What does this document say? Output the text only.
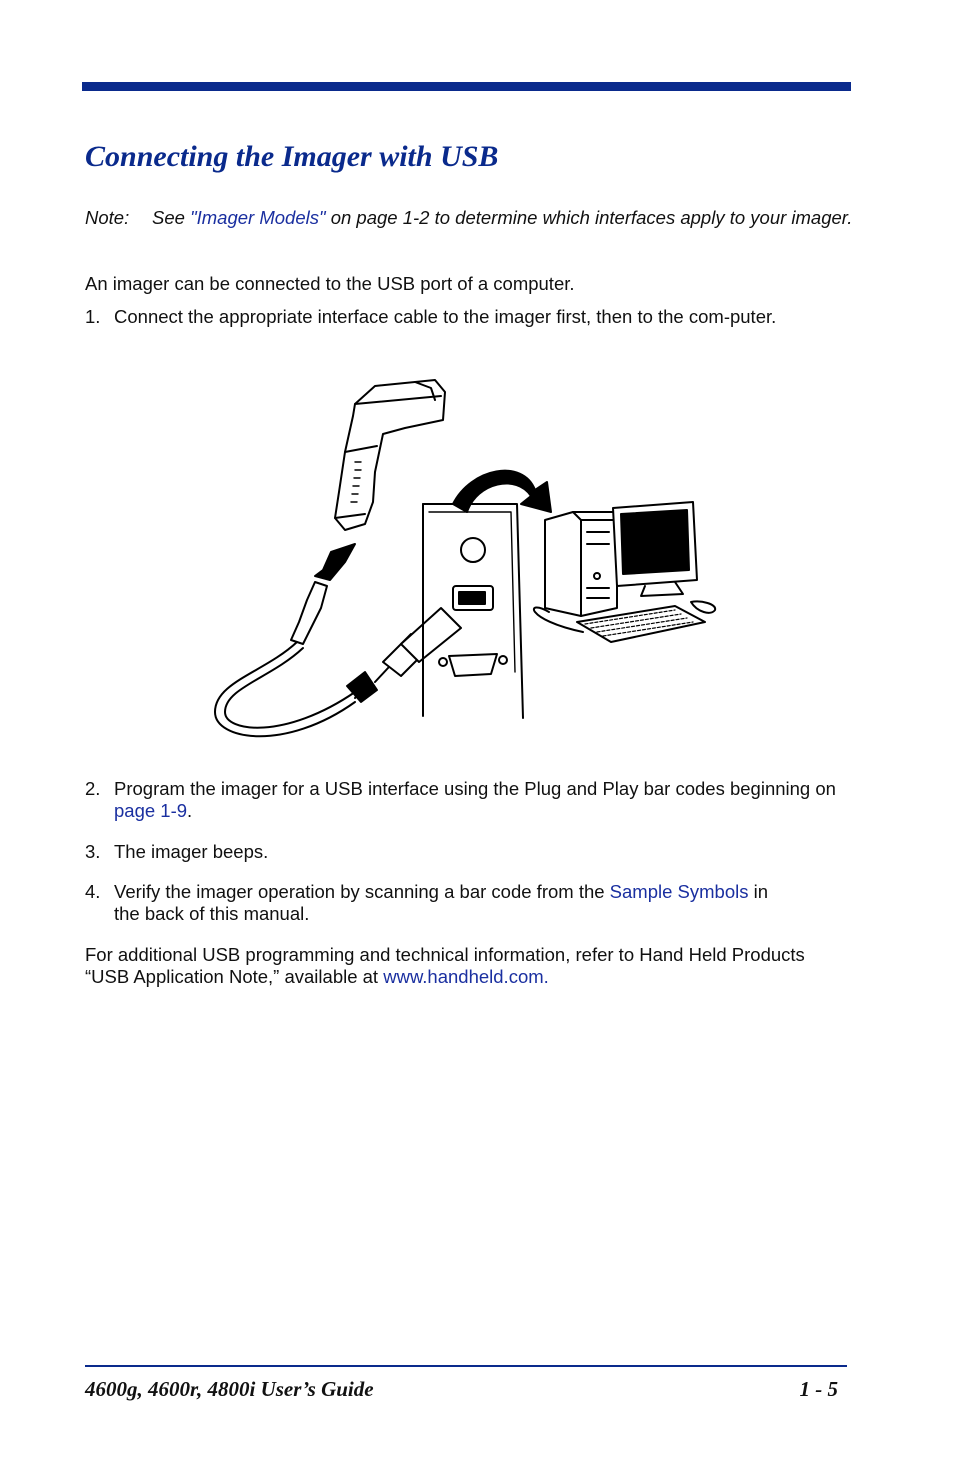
Connecting the Imager with USB
Note: See "Imager Models" on page 1-2 to determine which interfaces apply to your imager.

An imager can be connected to the USB port of a computer.

1. Connect the appropriate interface cable to the imager first, then to the com-puter.
2. Program the imager for a USB interface using the Plug and Play bar codes beginning on page 1-9.
3. The imager beeps.
4. Verify the imager operation by scanning a bar code from the Sample Symbols in the back of this manual.

For additional USB programming and technical information, refer to Hand Held Products “USB Application Note,” available at www.handheld.com.

4600g, 4600r, 4800i User’s Guide	1 - 5
